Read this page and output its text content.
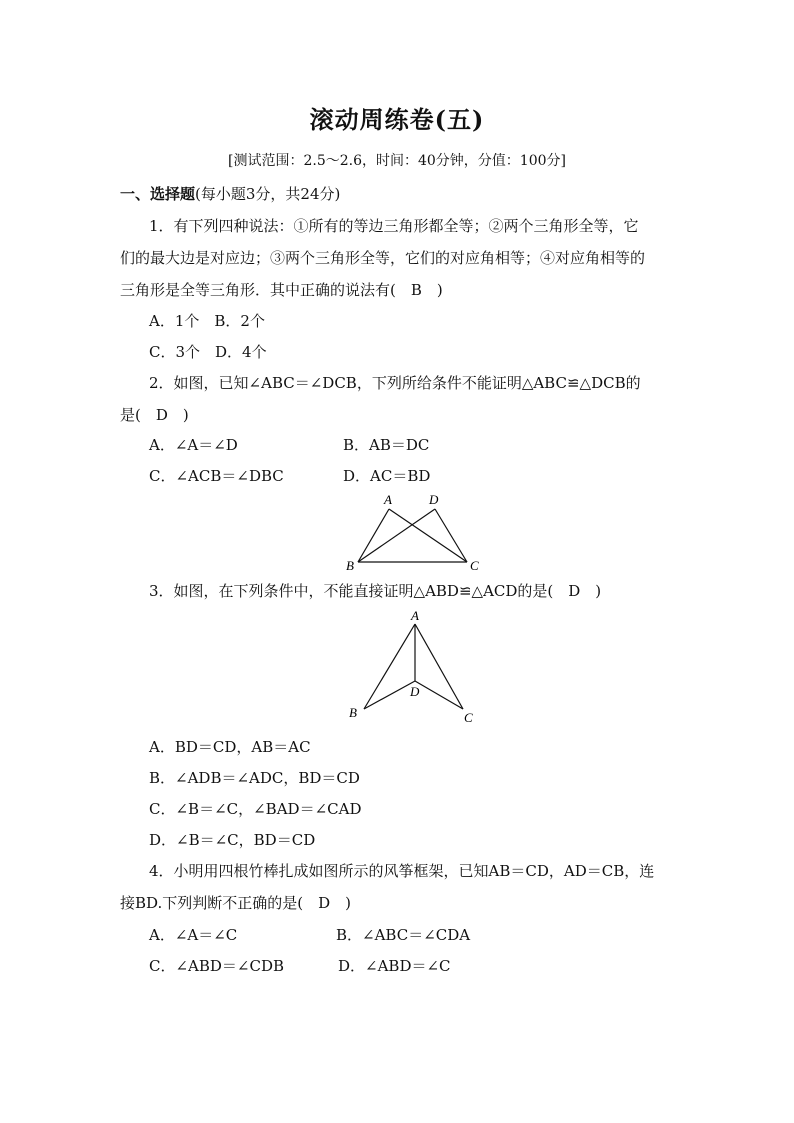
滚动周练卷(五)
[测试范围：2.5～2.6，时间：40分钟，分值：100分]
一、选择题(每小题3分，共24分)
1．有下列四种说法：①所有的等边三角形都全等；②两个三角形全等，它
们的最大边是对应边；③两个三角形全等，它们的对应角相等；④对应角相等的
三角形是全等三角形．其中正确的说法有(　B　)
A．1个　B．2个
C．3个　D．4个
2．如图，已知∠ABC＝∠DCB，下列所给条件不能证明△ABC≌△DCB的
是(　D　)
A．∠A＝∠D	B．AB＝DC
C．∠ACB＝∠DBC	D．AC＝BD
A	D
B	C
3．如图，在下列条件中，不能直接证明△ABD≌△ACD的是(　D　)
A
D
B	C
A．BD＝CD，AB＝AC
B．∠ADB＝∠ADC，BD＝CD
C．∠B＝∠C，∠BAD＝∠CAD
D．∠B＝∠C，BD＝CD
4．小明用四根竹棒扎成如图所示的风筝框架，已知AB＝CD，AD＝CB，连
接BD.下列判断不正确的是(　D　)
A．∠A＝∠C	B．∠ABC＝∠CDA
C．∠ABD＝∠CDB	D．∠ABD＝∠C
